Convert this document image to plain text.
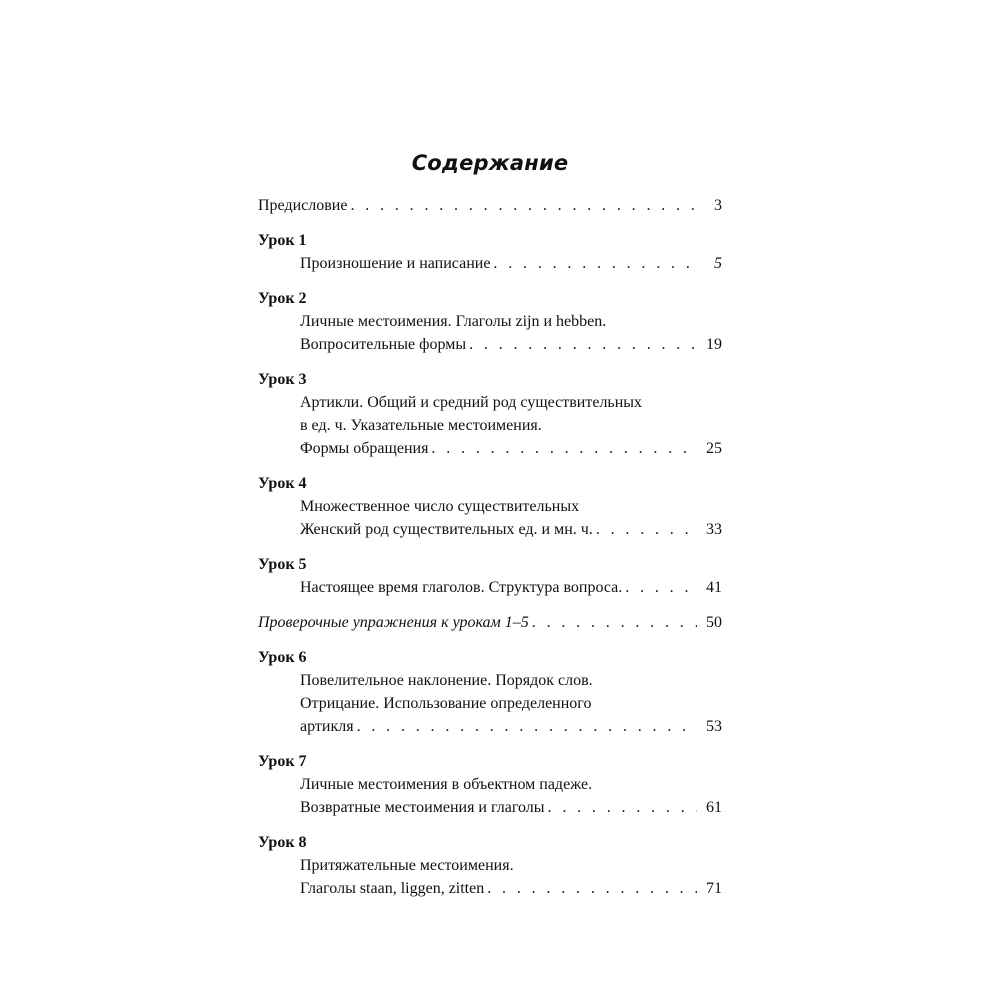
Содержание
Предисловие . . .	3
Урок 1
Произношение и написание . . .	5
Урок 2
Личные местоимения. Глаголы zijn и hebben.
Вопросительные формы . . .	19
Урок 3
Артикли. Общий и средний род существительных
в ед. ч. Указательные местоимения.
Формы обращения . . .	25
Урок 4
Множественное число существительных
Женский род существительных ед. и мн. ч. . . .	33
Урок 5
Настоящее время глаголов. Структура вопроса. . . .	41
Проверочные упражнения к урокам 1–5 . . .	50
Урок 6
Повелительное наклонение. Порядок слов.
Отрицание. Использование определенного
артикля . . .	53
Урок 7
Личные местоимения в объектном падеже.
Возвратные местоимения и глаголы . . .	61
Урок 8
Притяжательные местоимения.
Глаголы staan, liggen, zitten . . .	71
